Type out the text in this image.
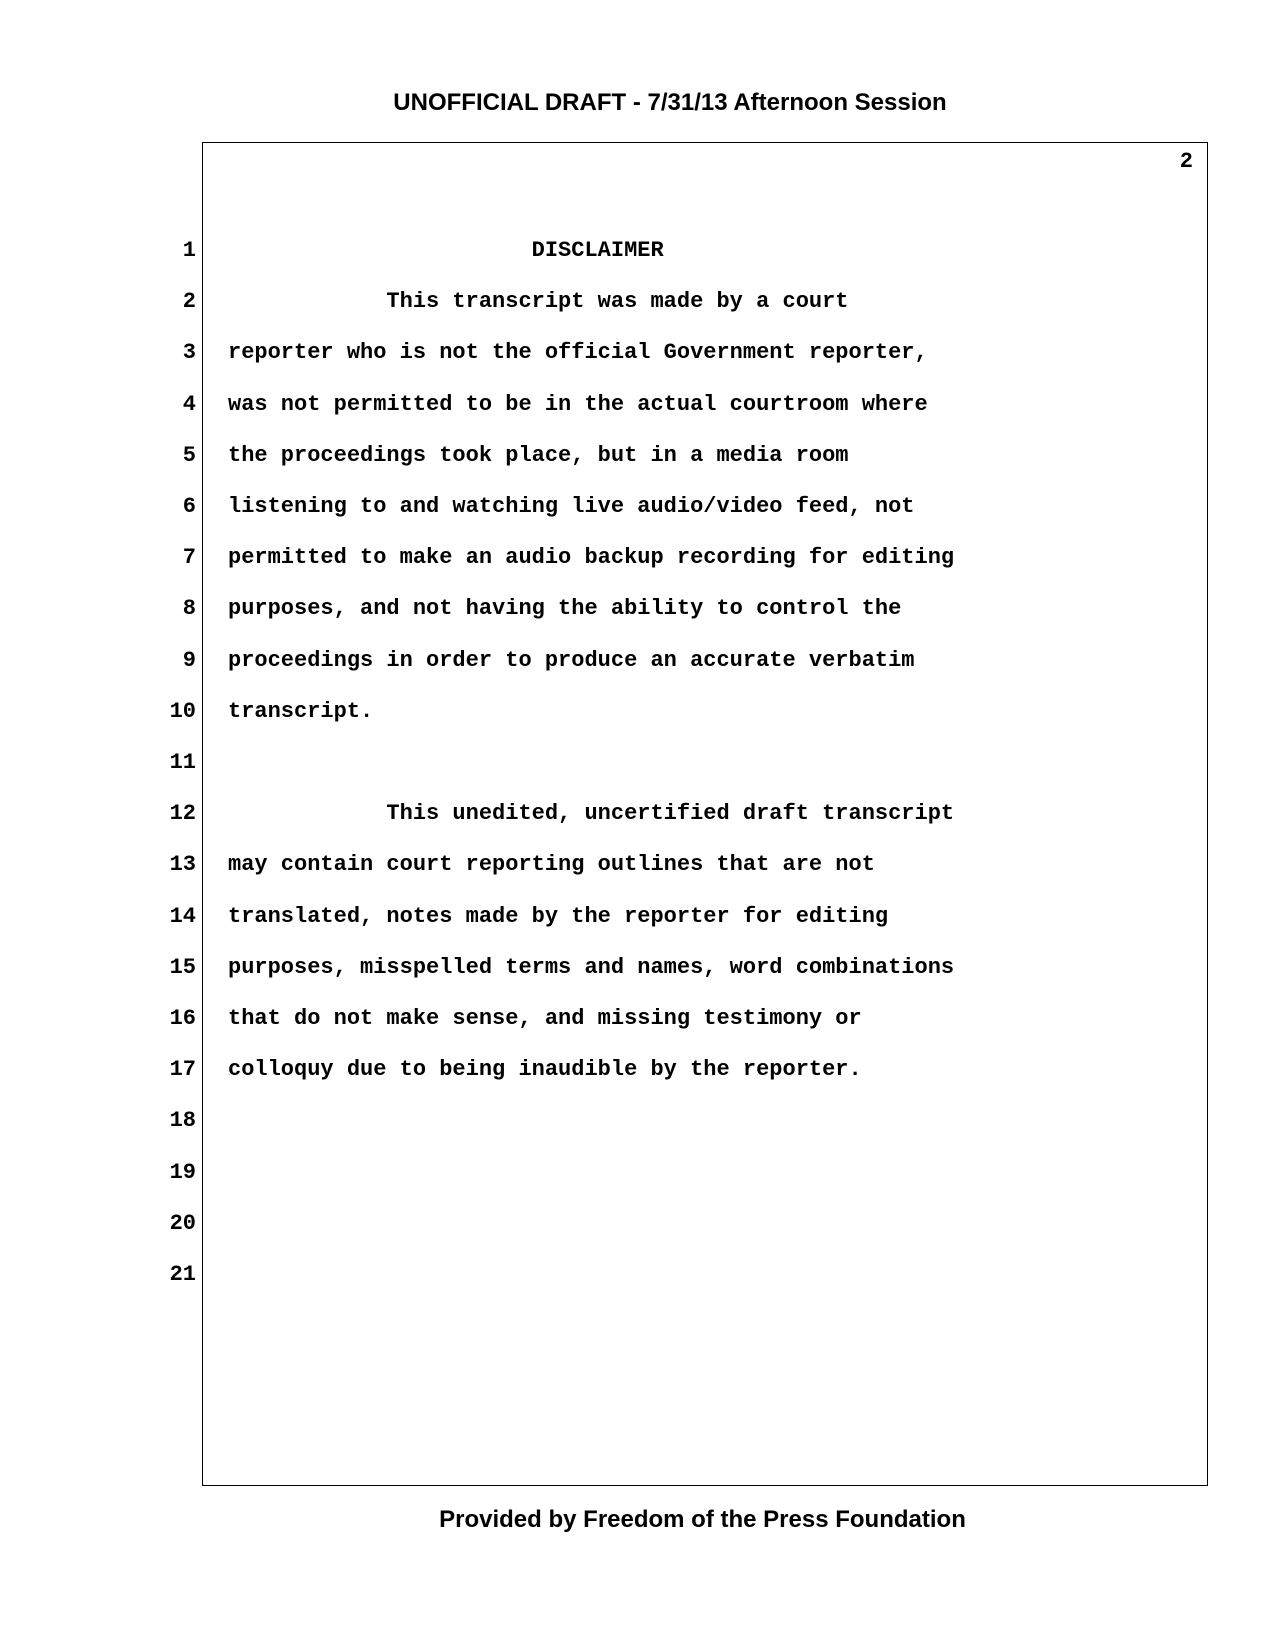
UNOFFICIAL DRAFT - 7/31/13 Afternoon Session
2
1 DISCLAIMER
2 This transcript was made by a court
3 reporter who is not the official Government reporter,
4 was not permitted to be in the actual courtroom where
5 the proceedings took place, but in a media room
6 listening to and watching live audio/video feed, not
7 permitted to make an audio backup recording for editing
8 purposes, and not having the ability to control the
9 proceedings in order to produce an accurate verbatim
10 transcript.
11
12 This unedited, uncertified draft transcript
13 may contain court reporting outlines that are not
14 translated, notes made by the reporter for editing
15 purposes, misspelled terms and names, word combinations
16 that do not make sense, and missing testimony or
17 colloquy due to being inaudible by the reporter.
18
19
20
21
Provided by Freedom of the Press Foundation
